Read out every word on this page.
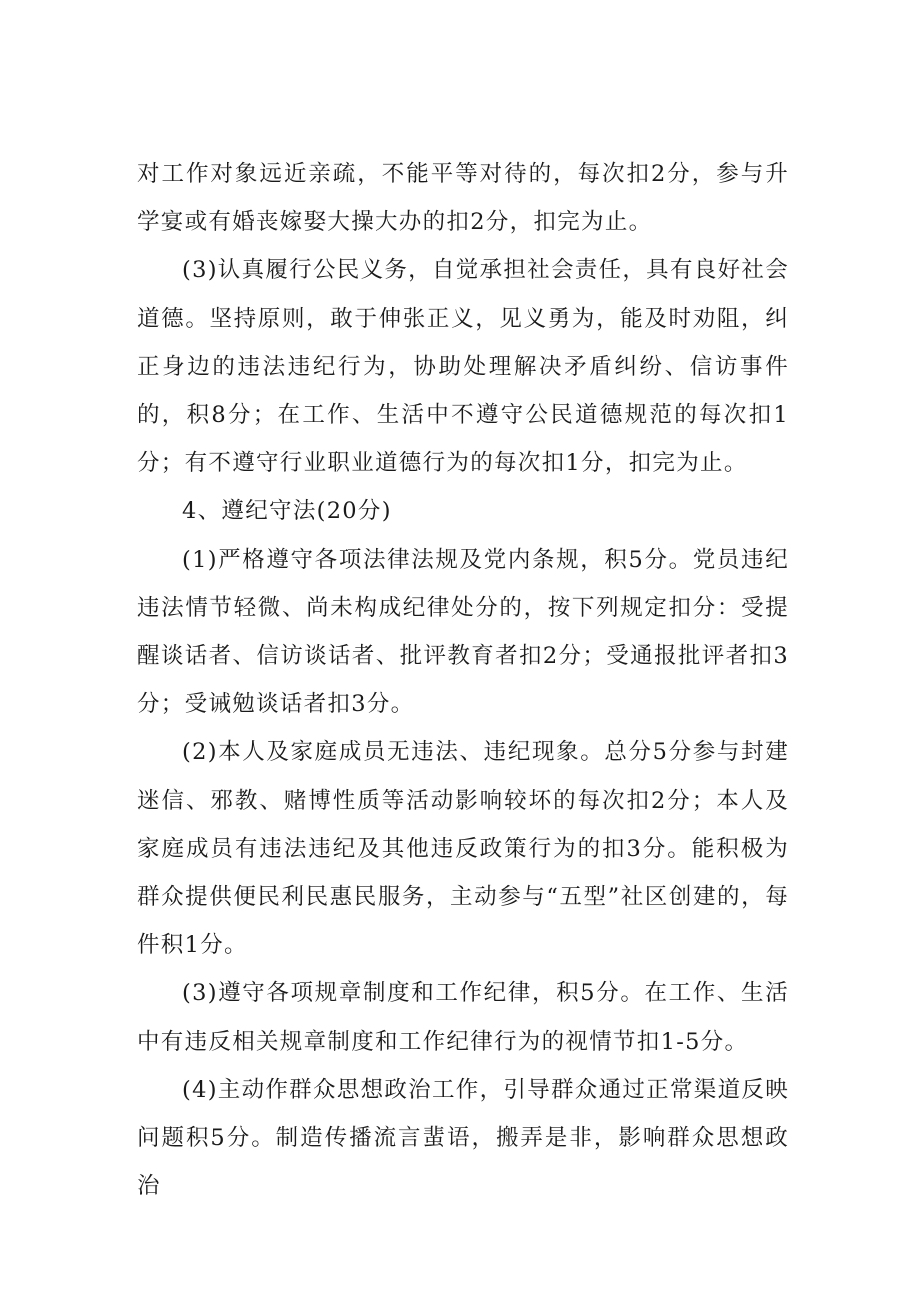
对工作对象远近亲疏，不能平等对待的，每次扣2分，参与升学宴或有婚丧嫁娶大操大办的扣2分，扣完为止。

(3)认真履行公民义务，自觉承担社会责任，具有良好社会道德。坚持原则，敢于伸张正义，见义勇为，能及时劝阻，纠正身边的违法违纪行为，协助处理解决矛盾纠纷、信访事件的，积8分；在工作、生活中不遵守公民道德规范的每次扣1分；有不遵守行业职业道德行为的每次扣1分，扣完为止。

4、遵纪守法(20分)

(1)严格遵守各项法律法规及党内条规，积5分。党员违纪违法情节轻微、尚未构成纪律处分的，按下列规定扣分：受提醒谈话者、信访谈话者、批评教育者扣2分；受通报批评者扣3分；受诫勉谈话者扣3分。

(2)本人及家庭成员无违法、违纪现象。总分5分参与封建迷信、邪教、赌博性质等活动影响较坏的每次扣2分；本人及家庭成员有违法违纪及其他违反政策行为的扣3分。能积极为群众提供便民利民惠民服务，主动参与“五型”社区创建的，每件积1分。

(3)遵守各项规章制度和工作纪律，积5分。在工作、生活中有违反相关规章制度和工作纪律行为的视情节扣1-5分。

(4)主动作群众思想政治工作，引导群众通过正常渠道反映问题积5分。制造传播流言蜚语，搬弄是非，影响群众思想政治
